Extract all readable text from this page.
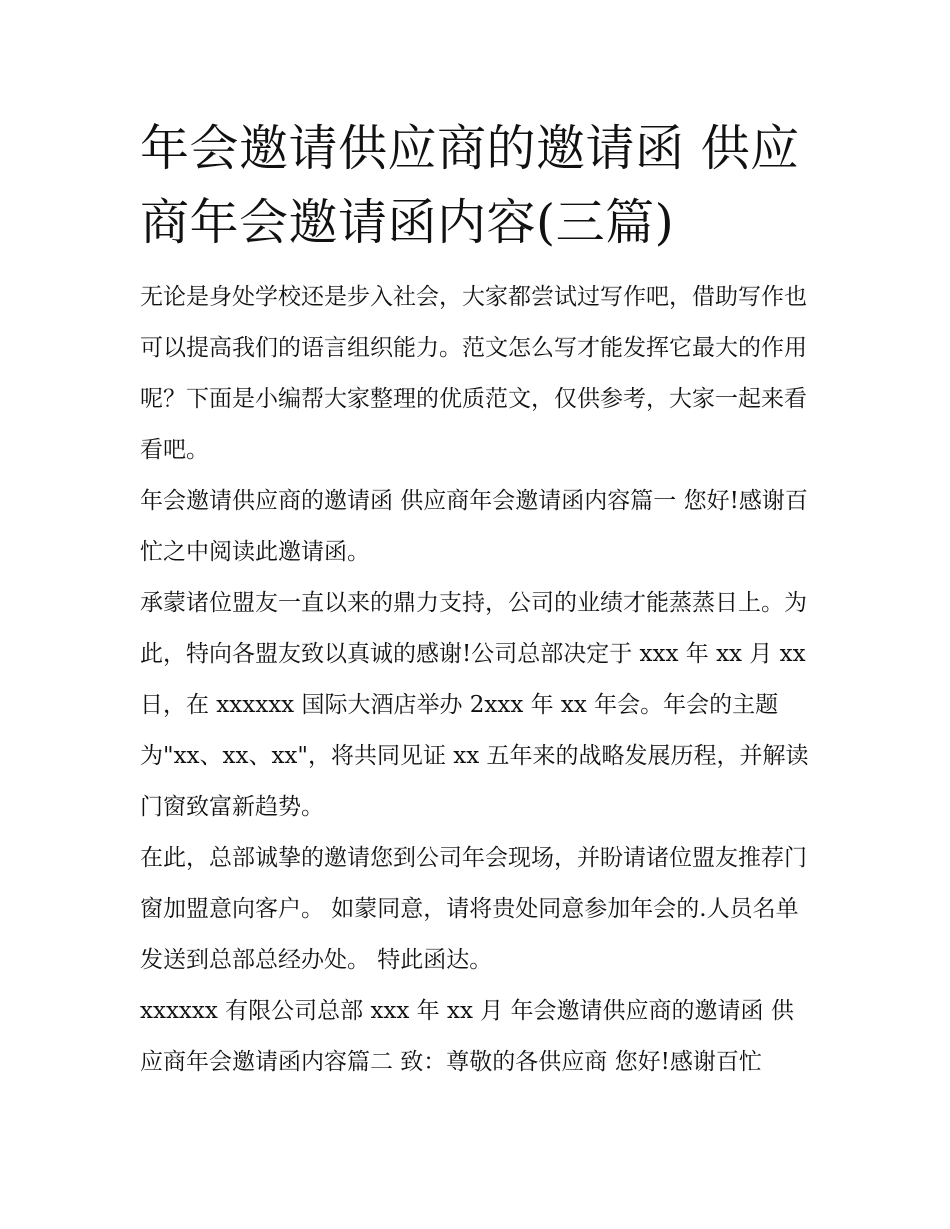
年会邀请供应商的邀请函 供应商年会邀请函内容(三篇)

无论是身处学校还是步入社会，大家都尝试过写作吧，借助写作也可以提高我们的语言组织能力。范文怎么写才能发挥它最大的作用呢？下面是小编帮大家整理的优质范文，仅供参考，大家一起来看看吧。

年会邀请供应商的邀请函 供应商年会邀请函内容篇一 您好!感谢百忙之中阅读此邀请函。

承蒙诸位盟友一直以来的鼎力支持，公司的业绩才能蒸蒸日上。为此，特向各盟友致以真诚的感谢!公司总部决定于 xxx 年 xx 月 xx 日，在 xxxxxx 国际大酒店举办 2xxx 年 xx 年会。年会的主题为"xx、xx、xx"，将共同见证 xx 五年来的战略发展历程，并解读门窗致富新趋势。

在此，总部诚挚的邀请您到公司年会现场，并盼请诸位盟友推荐门窗加盟意向客户。 如蒙同意，请将贵处同意参加年会的.人员名单发送到总部总经办处。 特此函达。

xxxxxx 有限公司总部 xxx 年 xx 月 年会邀请供应商的邀请函 供应商年会邀请函内容篇二 致：尊敬的各供应商 您好!感谢百忙
